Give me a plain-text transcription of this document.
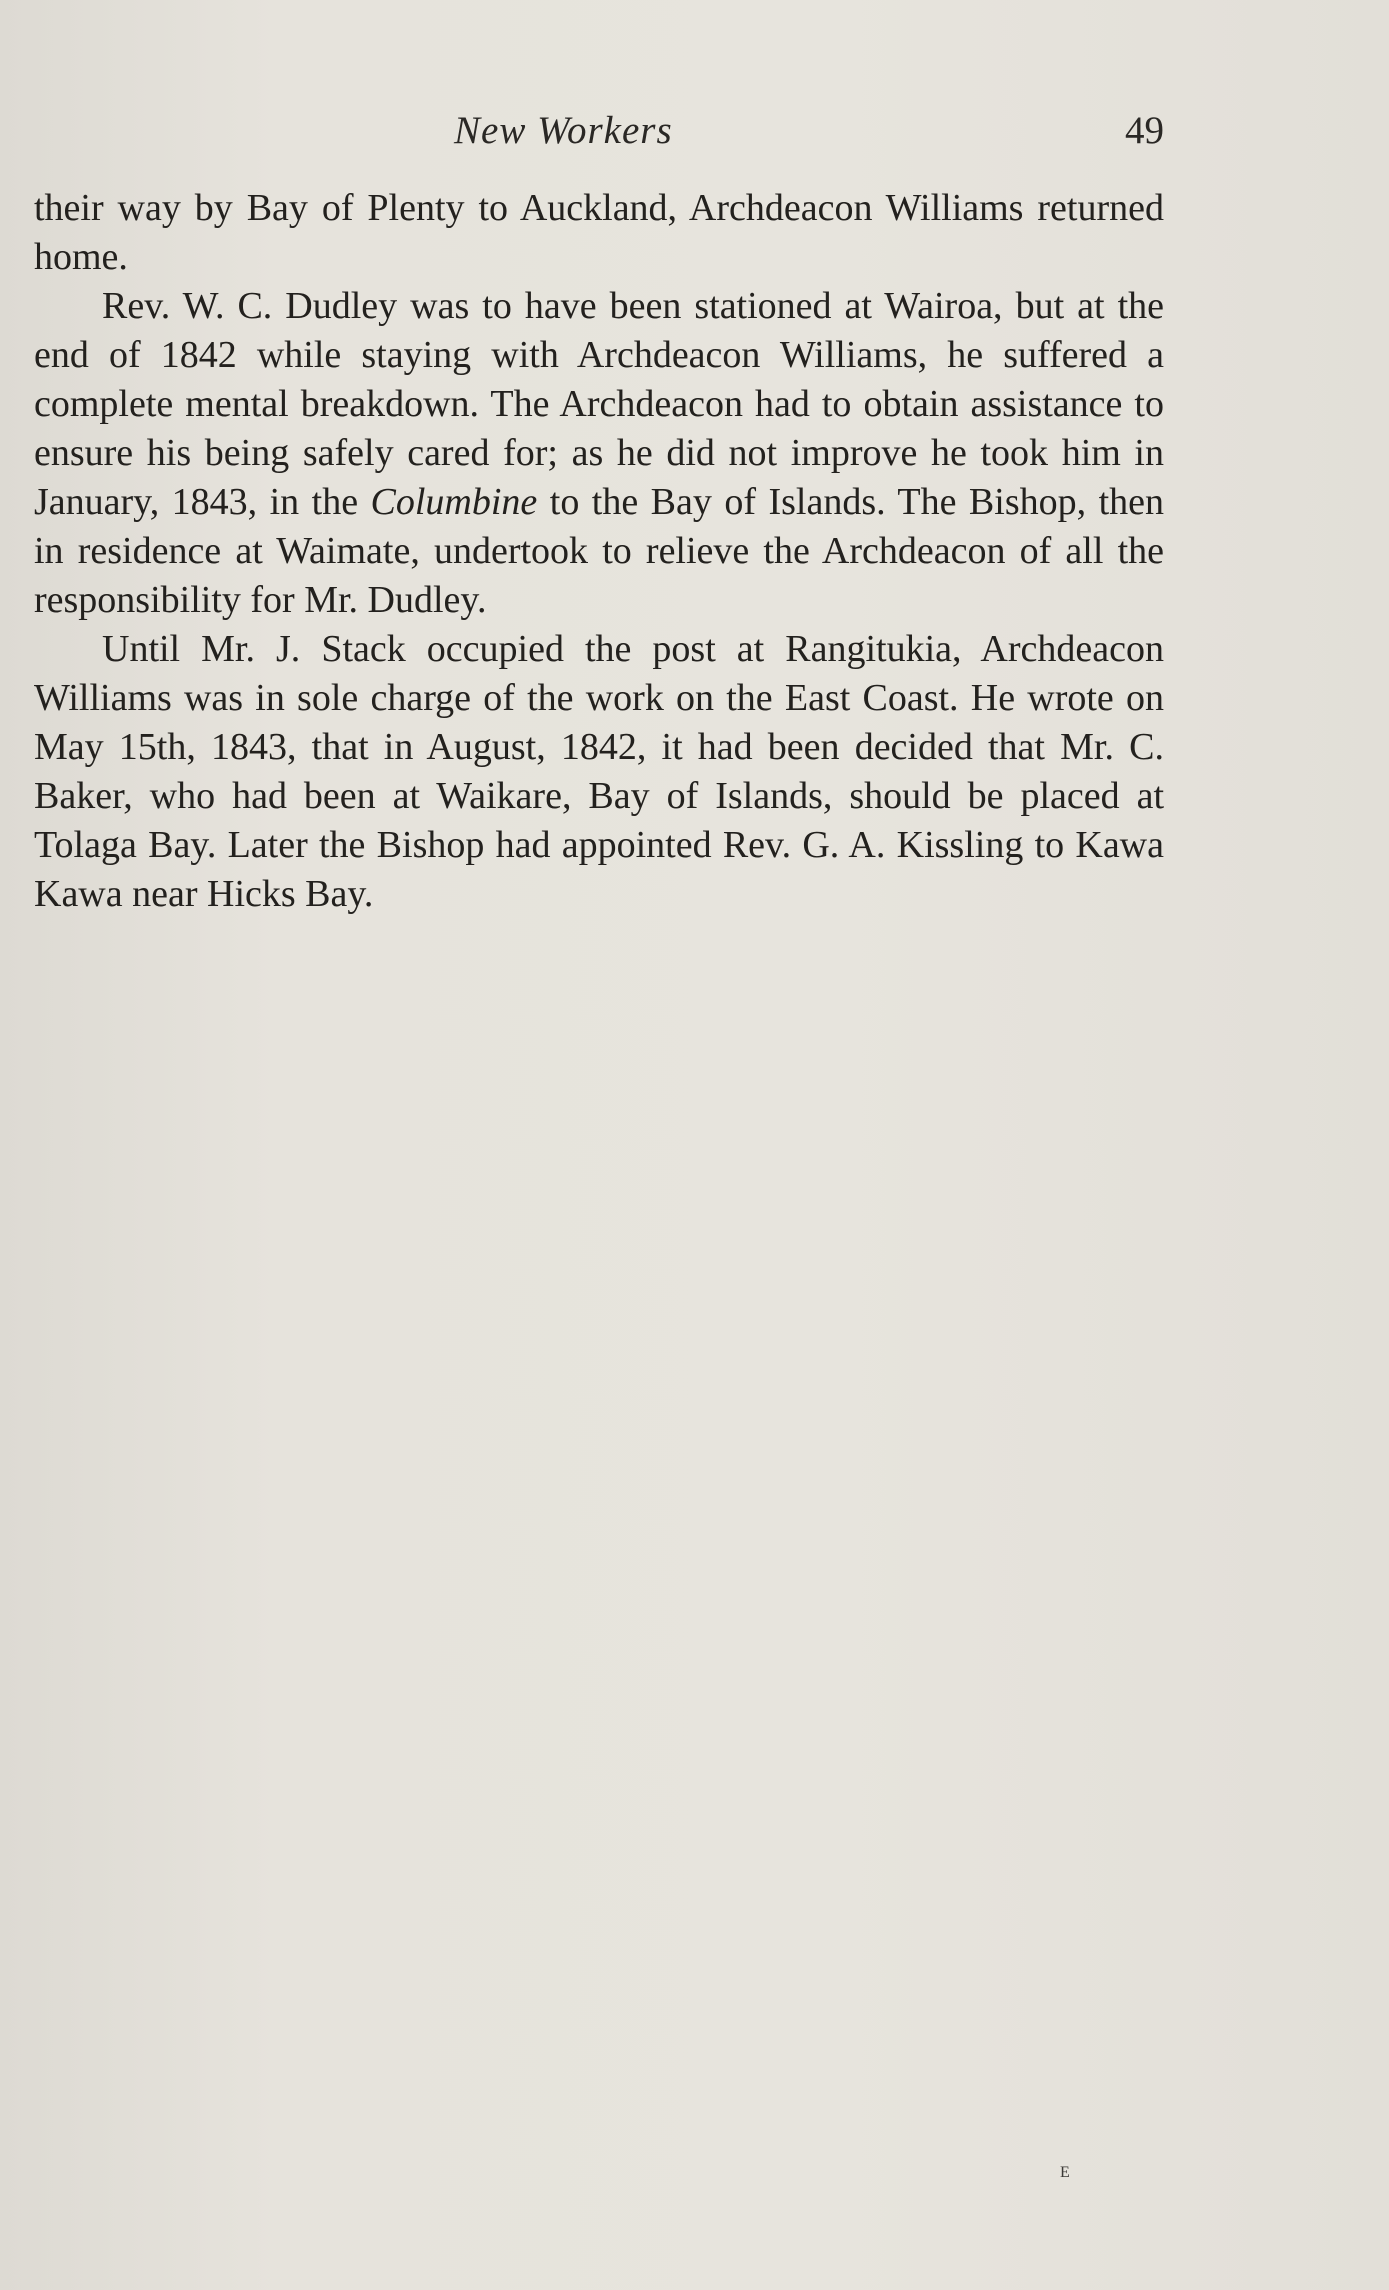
New Workers	49

their way by Bay of Plenty to Auckland, Archdeacon Williams returned home.

Rev. W. C. Dudley was to have been stationed at Wairoa, but at the end of 1842 while staying with Archdeacon Williams, he suffered a complete mental breakdown. The Archdeacon had to obtain assistance to ensure his being safely cared for; as he did not improve he took him in January, 1843, in the Columbine to the Bay of Islands. The Bishop, then in residence at Waimate, undertook to relieve the Archdeacon of all the responsibility for Mr. Dudley.

Until Mr. J. Stack occupied the post at Rangitukia, Archdeacon Williams was in sole charge of the work on the East Coast. He wrote on May 15th, 1843, that in August, 1842, it had been decided that Mr. C. Baker, who had been at Waikare, Bay of Islands, should be placed at Tolaga Bay. Later the Bishop had appointed Rev. G. A. Kissling to Kawa Kawa near Hicks Bay.

E
